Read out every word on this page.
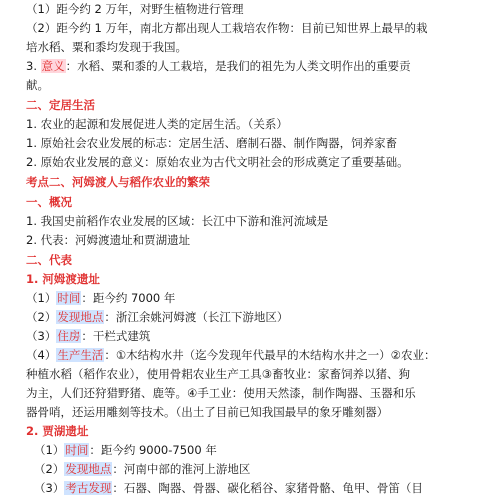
（1）距今约 2 万年，对野生植物进行管理
（2）距今约 1 万年，南北方都出现人工栽培农作物：目前已知世界上最早的栽
培水稻、粟和黍均发现于我国。
3. 意义：水稻、粟和黍的人工栽培，是我们的祖先为人类文明作出的重要贡
献。
二、定居生活
1. 农业的起源和发展促进人类的定居生活。（关系）
1. 原始社会农业发展的标志：定居生活、磨制石器、制作陶器，饲养家畜
2. 原始农业发展的意义：原始农业为古代文明社会的形成奠定了重要基础。
考点二、河姆渡人与稻作农业的繁荣
一、概况
1. 我国史前稻作农业发展的区域：长江中下游和淮河流域是
2. 代表：河姆渡遗址和贾湖遗址
二、代表
1. 河姆渡遗址
（1）时间：距今约 7000 年
（2）发现地点：浙江余姚河姆渡（长江下游地区）
（3）住房：干栏式建筑
（4）生产生活：①木结构水井（迄今发现年代最早的木结构水井之一）②农业：
种植水稻（稻作农业），使用骨耜农业生产工具③畜牧业：家畜饲养以猪、狗
为主，人们还狩猎野猪、鹿等。④手工业：使用天然漆，制作陶器、玉器和乐
器骨哨，还运用雕刻等技术。（出土了目前已知我国最早的象牙雕刻器）
2. 贾湖遗址
（1）时间：距今约 9000-7500 年
（2）发现地点：河南中部的淮河上游地区
（3）考古发现：石器、陶器、骨器、碳化稻谷、家猪骨骼、龟甲、骨笛（目
